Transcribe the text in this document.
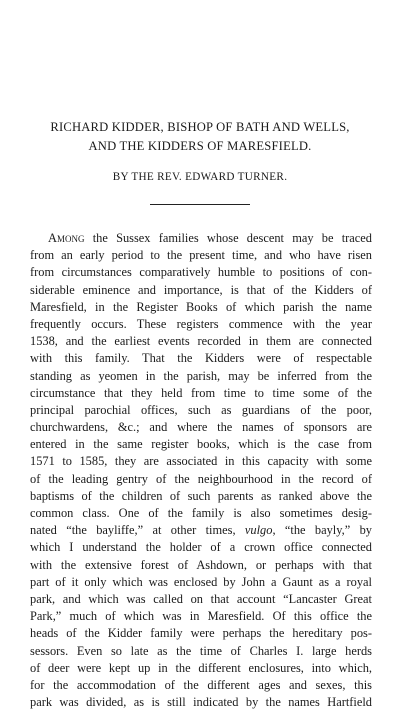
RICHARD KIDDER, BISHOP OF BATH AND WELLS,
AND THE KIDDERS OF MARESFIELD.
BY THE REV. EDWARD TURNER.
Among the Sussex families whose descent may be traced
from an early period to the present time, and who have risen
from circumstances comparatively humble to positions of con-
siderable eminence and importance, is that of the Kidders of
Maresfield, in the Register Books of which parish the name
frequently occurs. These registers commence with the year
1538, and the earliest events recorded in them are connected
with this family. That the Kidders were of respectable
standing as yeomen in the parish, may be inferred from the
circumstance that they held from time to time some of the
principal parochial offices, such as guardians of the poor,
churchwardens, &c.; and where the names of sponsors are
entered in the same register books, which is the case from
1571 to 1585, they are associated in this capacity with some
of the leading gentry of the neighbourhood in the record of
baptisms of the children of such parents as ranked above the
common class. One of the family is also sometimes desig-
nated “the bayliffe,” at other times, vulgo, “the bayly,” by
which I understand the holder of a crown office connected
with the extensive forest of Ashdown, or perhaps with that
part of it only which was enclosed by John a Gaunt as a royal
park, and which was called on that account “Lancaster Great
Park,” much of which was in Maresfield. Of this office the
heads of the Kidder family were perhaps the hereditary pos-
sessors. Even so late as the time of Charles I. large herds
of deer were kept up in the different enclosures, into which,
for the accommodation of the different ages and sexes, this
park was divided, as is still indicated by the names Hartfield
